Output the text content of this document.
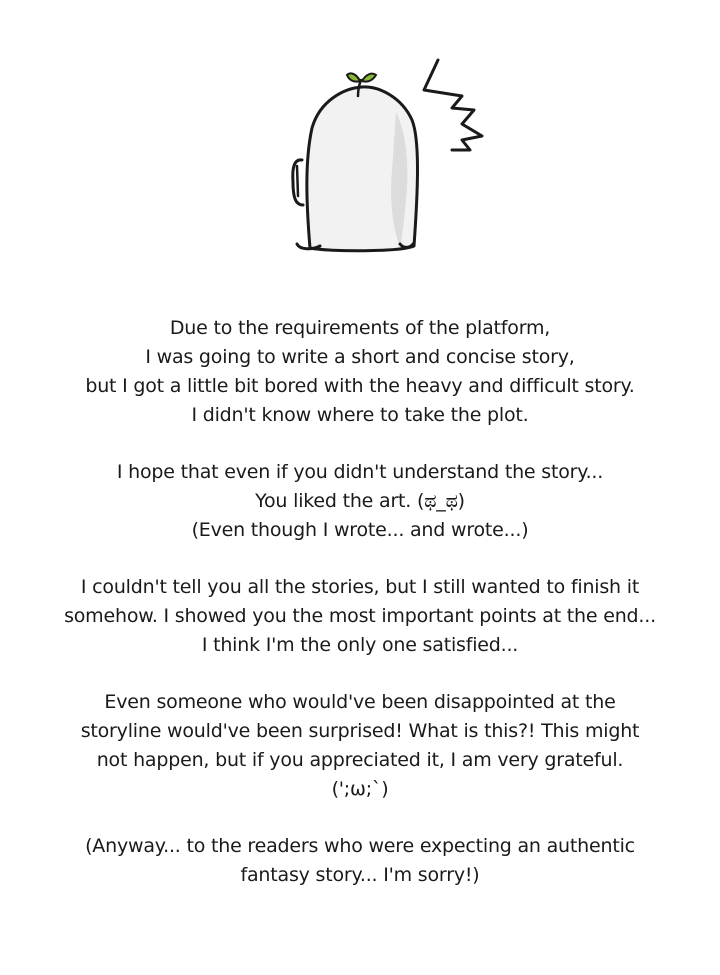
Due to the requirements of the platform,
I was going to write a short and concise story,
but I got a little bit bored with the heavy and difficult story.
I didn't know where to take the plot.
I hope that even if you didn't understand the story...
You liked the art. (ಥ_ಥ)
(Even though I wrote... and wrote...)
I couldn't tell you all the stories, but I still wanted to finish it
somehow. I showed you the most important points at the end...
I think I'm the only one satisfied...
Even someone who would've been disappointed at the
storyline would've been surprised! What is this?! This might
not happen, but if you appreciated it, I am very grateful.
(';ω;`)
(Anyway... to the readers who were expecting an authentic
fantasy story... I'm sorry!)
